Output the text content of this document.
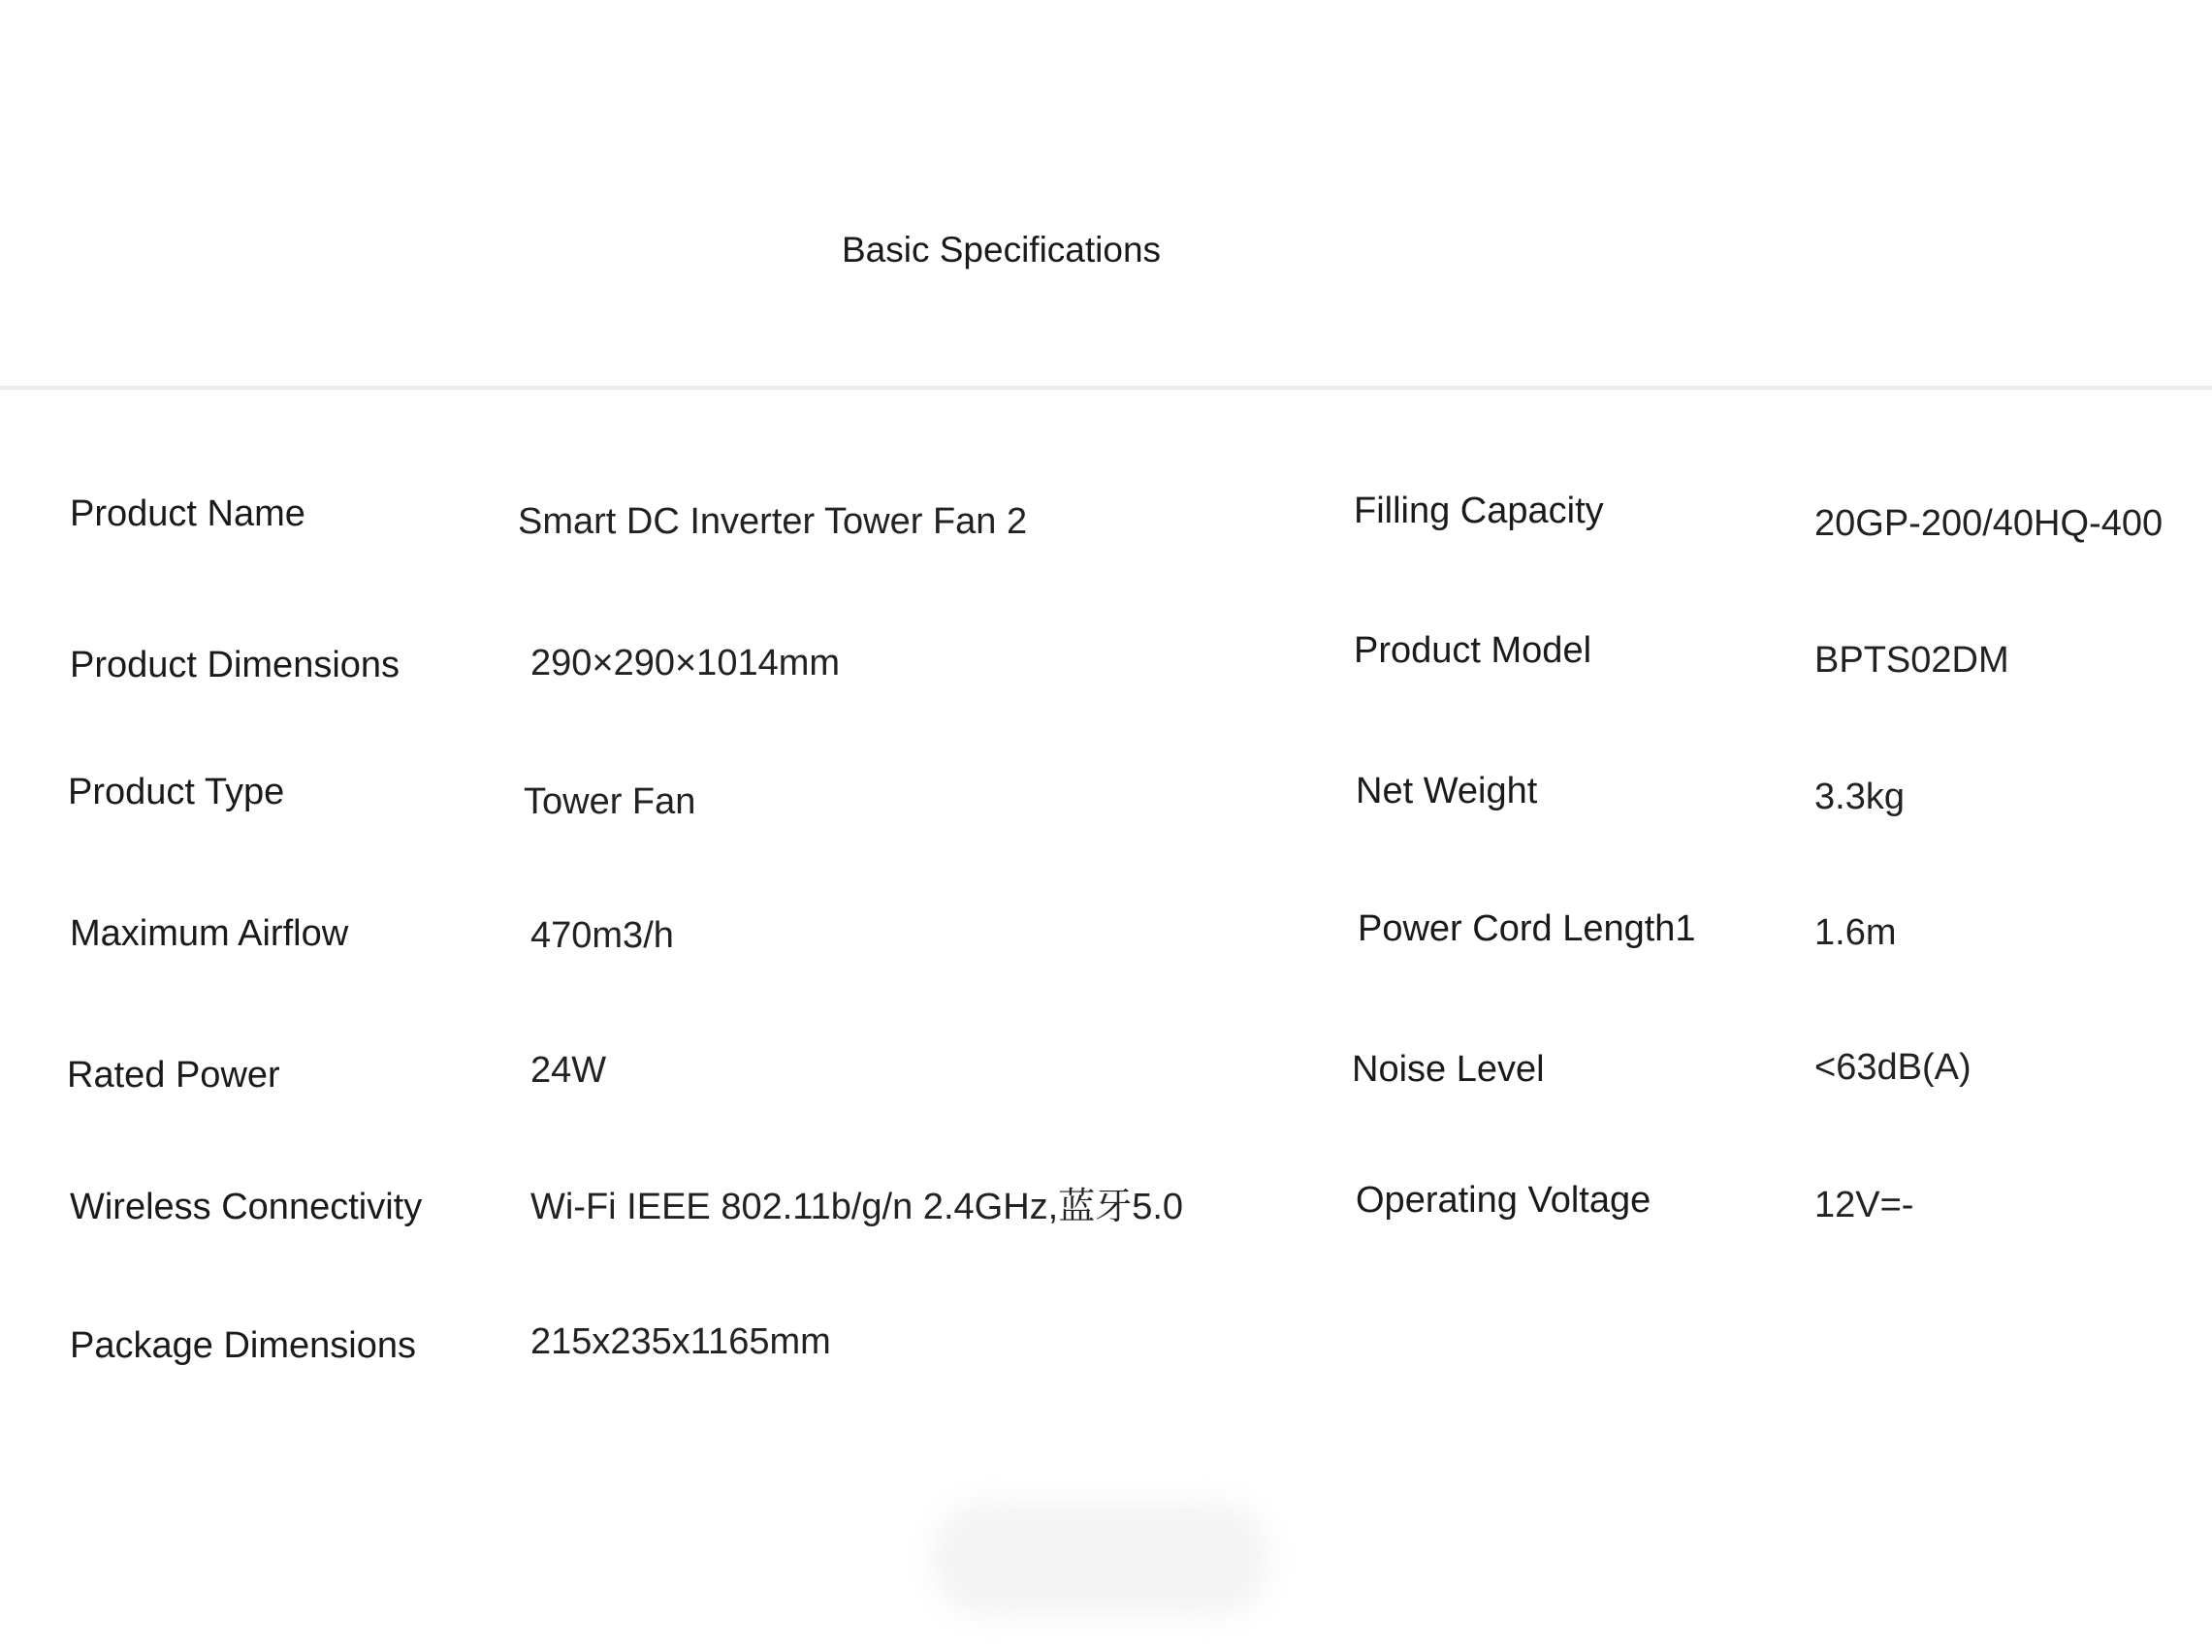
Basic Specifications
Product Name	Smart DC Inverter Tower Fan 2
Product Dimensions	290×290×1014mm
Product Type	Tower Fan
Maximum Airflow	470m3/h
Rated Power	24W
Wireless Connectivity	Wi-Fi IEEE 802.11b/g/n 2.4GHz,蓝牙5.0
Package Dimensions	215x235x1165mm
Filling Capacity	20GP-200/40HQ-400
Product Model	BPTS02DM
Net Weight	3.3kg
Power Cord Length1	1.6m
Noise Level	<63dB(A)
Operating Voltage	12V=-
